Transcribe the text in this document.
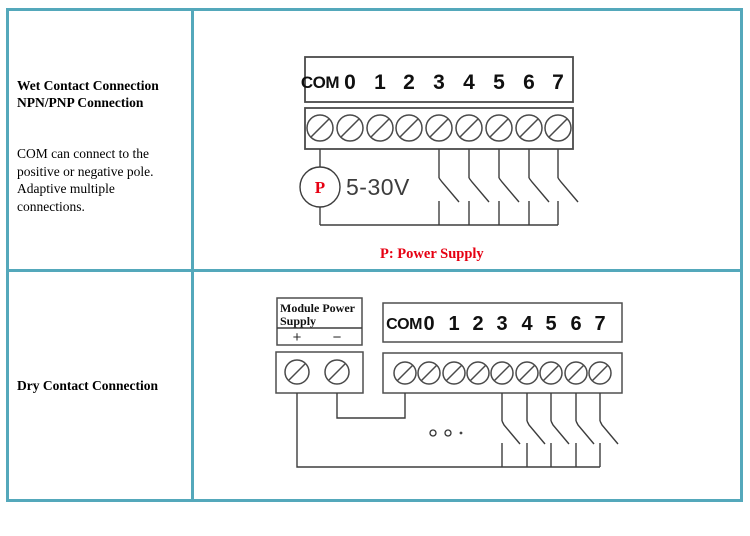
Wet Contact Connection
NPN/PNP Connection
COM can connect to the positive or negative pole. Adaptive multiple connections.
COM 0 1 2 3 4 5 6 7
P 5-30V
P: Power Supply
Dry Contact Connection
Module Power
Supply
+ −
COM 0 1 2 3 4 5 6 7
